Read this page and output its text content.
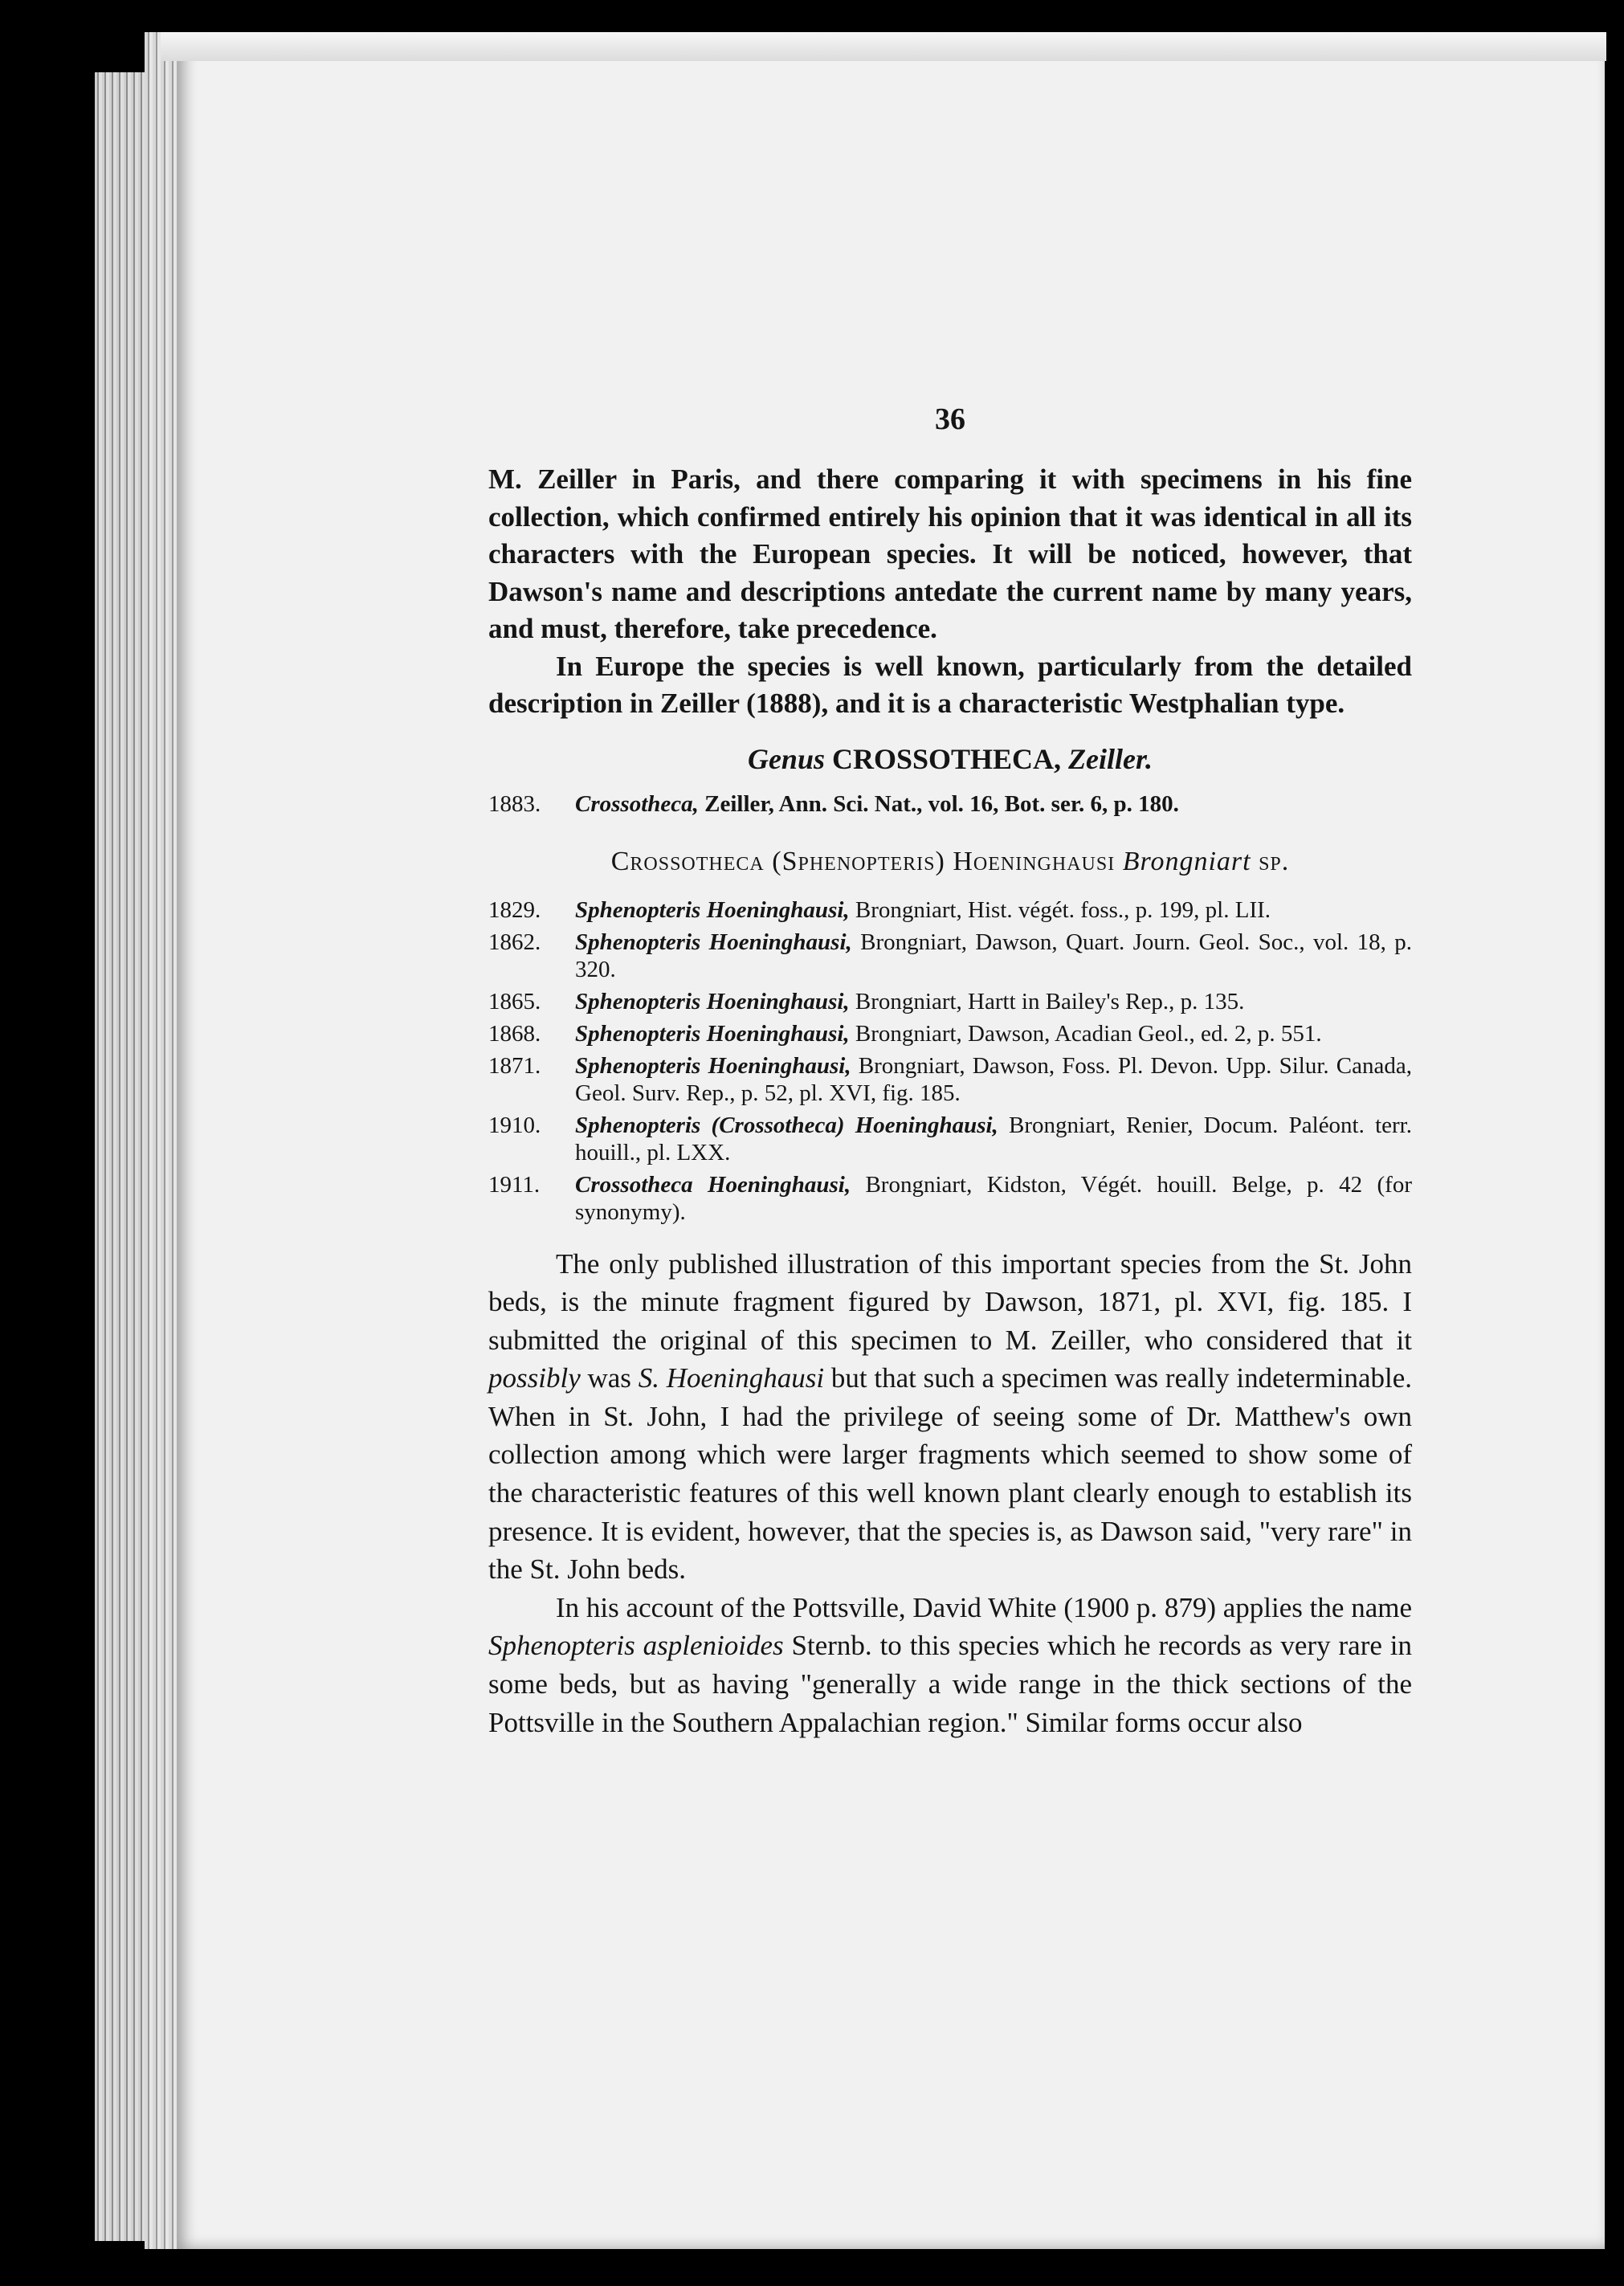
36

M. Zeiller in Paris, and there comparing it with specimens in his fine collection, which confirmed entirely his opinion that it was identical in all its characters with the European species. It will be noticed, however, that Dawson's name and descriptions antedate the current name by many years, and must, therefore, take precedence.

In Europe the species is well known, particularly from the detailed description in Zeiller (1888), and it is a characteristic Westphalian type.

Genus CROSSOTHECA, Zeiller.
1883.	Crossotheca, Zeiller, Ann. Sci. Nat., vol. 16, Bot. ser. 6, p. 180.
Crossotheca (Sphenopteris) Hoeninghausi Brongniart sp.
1829.	Sphenopteris Hoeninghausi, Brongniart, Hist. végét. foss., p. 199, pl. LII.
1862.	Sphenopteris Hoeninghausi, Brongniart, Dawson, Quart. Journ. Geol. Soc., vol. 18, p. 320.
1865.	Sphenopteris Hoeninghausi, Brongniart, Hartt in Bailey's Rep., p. 135.
1868.	Sphenopteris Hoeninghausi, Brongniart, Dawson, Acadian Geol., ed. 2, p. 551.
1871.	Sphenopteris Hoeninghausi, Brongniart, Dawson, Foss. Pl. Devon. Upp. Silur. Canada, Geol. Surv. Rep., p. 52, pl. XVI, fig. 185.
1910.	Sphenopteris (Crossotheca) Hoeninghausi, Brongniart, Renier, Docum. Paléont. terr. houill., pl. LXX.
1911.	Crossotheca Hoeninghausi, Brongniart, Kidston, Végét. houill. Belge, p. 42 (for synonymy).

The only published illustration of this important species from the St. John beds, is the minute fragment figured by Dawson, 1871, pl. XVI, fig. 185. I submitted the original of this specimen to M. Zeiller, who considered that it possibly was S. Hoeninghausi but that such a specimen was really indeterminable. When in St. John, I had the privilege of seeing some of Dr. Matthew's own collection among which were larger fragments which seemed to show some of the characteristic features of this well known plant clearly enough to establish its presence. It is evident, however, that the species is, as Dawson said, "very rare" in the St. John beds.

In his account of the Pottsville, David White (1900 p. 879) applies the name Sphenopteris asplenioides Sternb. to this species which he records as very rare in some beds, but as having "generally a wide range in the thick sections of the Pottsville in the Southern Appalachian region." Similar forms occur also
